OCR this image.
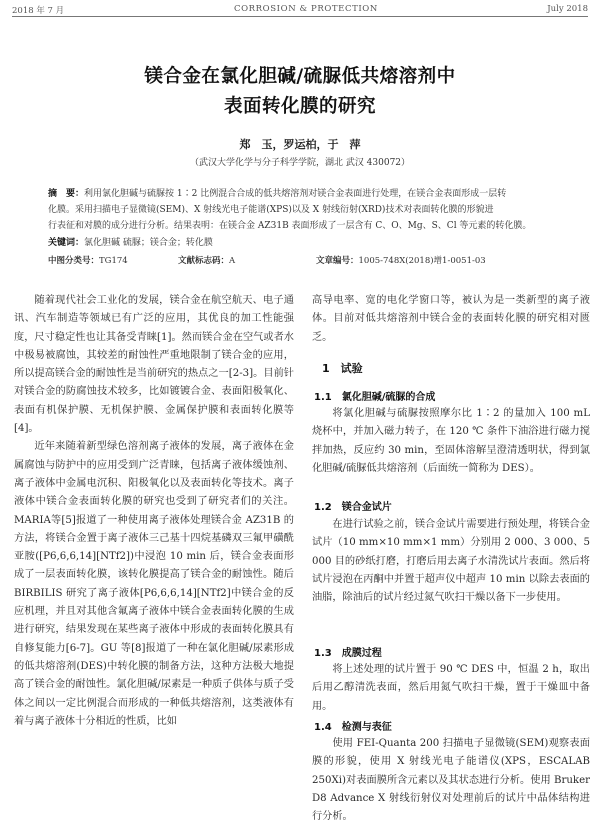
2018 年 7 月	CORROSION & PROTECTION	July 2018
镁合金在氯化胆碱/硫脲低共熔溶剂中
表面转化膜的研究
郑　玉，罗运柏，于　萍
（武汉大学化学与分子科学学院，湖北 武汉 430072）
摘　要：利用氯化胆碱与硫脲按 1∶2 比例混合合成的低共熔溶剂对镁合金表面进行处理，在镁合金表面形成一层转
化膜。采用扫描电子显微镜(SEM)、X 射线光电子能谱(XPS)以及 X 射线衍射(XRD)技术对表面转化膜的形貌进
行表征和对膜的成分进行分析。结果表明：在镁合金 AZ31B 表面形成了一层含有 C、O、Mg、S、Cl 等元素的转化膜。
关键词：氯化胆碱 硫脲；镁合金；转化膜
中图分类号：TG174	文献标志码：A	文章编号：1005-748X(2018)增1-0051-03

随着现代社会工业化的发展，镁合金在航空航天、电子通讯、汽车制造等领域已有广泛的应用，其优良的加工性能强度，尺寸稳定性也让其备受青睐[1]。然而镁合金在空气或者水中极易被腐蚀，其较差的耐蚀性严重地限制了镁合金的应用，所以提高镁合金的耐蚀性是当前研究的热点之一[2-3]。目前针对镁合金的防腐蚀技术较多，比如镀镀合金、表面阳极氧化、表面有机保护膜、无机保护膜、金属保护膜和表面转化膜等[4]。

近年来随着新型绿色溶剂离子液体的发展，离子液体在金属腐蚀与防护中的应用受到广泛青睐，包括离子液体缓蚀剂、离子液体中金属电沉积、阳极氧化以及表面转化等技术。离子液体中镁合金表面转化膜的研究也受到了研究者们的关注。MARIA等[5]报道了一种使用离子液体处理镁合金 AZ31B 的方法，将镁合金置于离子液体三己基十四烷基磷双三氟甲磺酰亚胺([P6,6,6,14][NTf2])中浸泡 10 min 后，镁合金表面形成了一层表面转化膜，该转化膜提高了镁合金的耐蚀性。随后 BIRBILIS 研究了离子液体[P6,6,6,14][NTf2]中镁合金的反应机理，并且对其他含氟离子液体中镁合金表面转化膜的生成进行研究，结果发现在某些离子液体中形成的表面转化膜具有自修复能力[6-7]。GU 等[8]报道了一种在氯化胆碱/尿素形成的低共熔溶剂(DES)中转化膜的制备方法，这种方法极大地提高了镁合金的耐蚀性。氯化胆碱/尿素是一种质子供体与质子受体之间以一定比例混合而形成的一种低共熔溶剂，这类液体有着与离子液体十分相近的性质，比如

高导电率、宽的电化学窗口等，被认为是一类新型的离子液体。目前对低共熔溶剂中镁合金的表面转化膜的研究相对匮乏。

1　试验
1.1　氯化胆碱/硫脲的合成

将氯化胆碱与硫脲按照摩尔比 1∶2 的量加入 100 mL 烧杯中，并加入磁力转子，在 120 ℃ 条件下油浴进行磁力搅拌加热，反应约 30 min，至固体溶解呈澄清透明状，得到氯化胆碱/硫脲低共熔溶剂（后面统一简称为 DES）。

1.2　镁合金试片

在进行试验之前，镁合金试片需要进行预处理，将镁合金试片（10 mm×10 mm×1 mm）分别用 2 000、3 000、5 000 目的砂纸打磨，打磨后用去离子水清洗试片表面。然后将试片浸泡在丙酮中并置于超声仪中超声 10 min 以除去表面的油脂，除油后的试片经过氮气吹扫干燥以备下一步使用。

1.3　成膜过程

将上述处理的试片置于 90 ℃ DES 中，恒温 2 h，取出后用乙醇清洗表面，然后用氮气吹扫干燥，置于干燥皿中备用。

1.4　检测与表征

使用 FEI-Quanta 200 扫描电子显微镜(SEM)观察表面膜的形貌，使用 X 射线光电子能谱仪(XPS，ESCALAB 250Xi)对表面膜所含元素以及其状态进行分析。使用 Bruker D8 Advance X 射线衍射仪对处理前后的试片中晶体结构进行分析。
